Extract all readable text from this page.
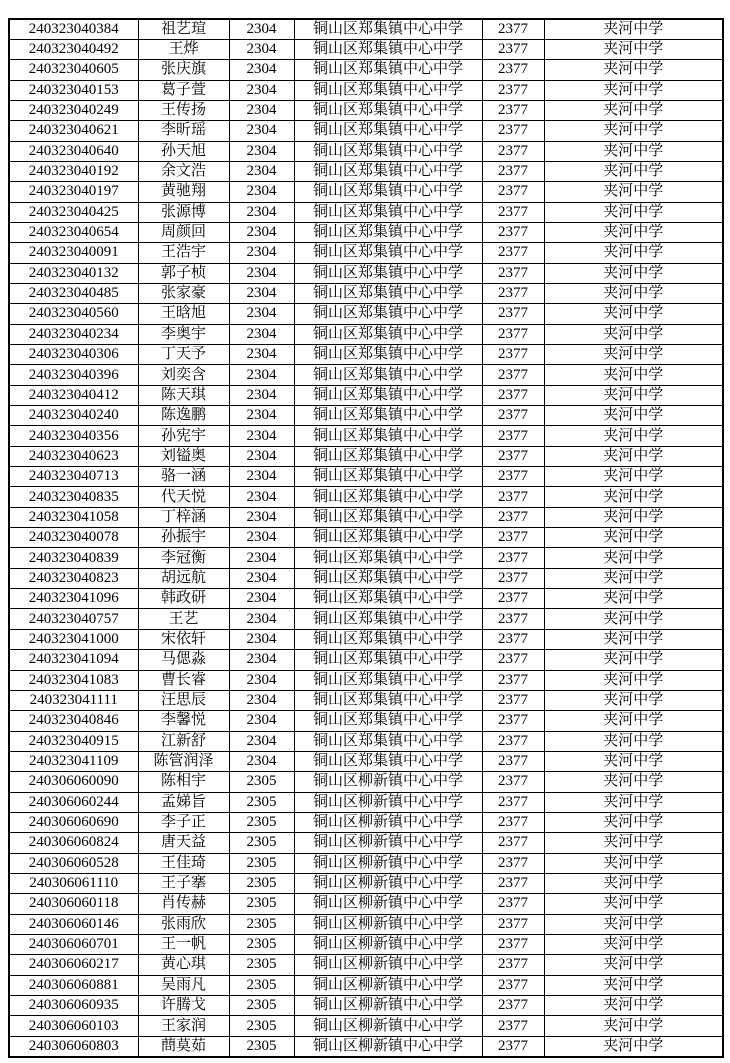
240323040384	祖艺瑄	2304	铜山区郑集镇中心中学	2377	夹河中学
240323040492	王烨	2304	铜山区郑集镇中心中学	2377	夹河中学
240323040605	张庆旗	2304	铜山区郑集镇中心中学	2377	夹河中学
240323040153	葛子萱	2304	铜山区郑集镇中心中学	2377	夹河中学
240323040249	王传扬	2304	铜山区郑集镇中心中学	2377	夹河中学
240323040621	李昕瑶	2304	铜山区郑集镇中心中学	2377	夹河中学
240323040640	孙天旭	2304	铜山区郑集镇中心中学	2377	夹河中学
240323040192	余文浩	2304	铜山区郑集镇中心中学	2377	夹河中学
240323040197	黄驰翔	2304	铜山区郑集镇中心中学	2377	夹河中学
240323040425	张源博	2304	铜山区郑集镇中心中学	2377	夹河中学
240323040654	周颜回	2304	铜山区郑集镇中心中学	2377	夹河中学
240323040091	王浩宇	2304	铜山区郑集镇中心中学	2377	夹河中学
240323040132	郭子桢	2304	铜山区郑集镇中心中学	2377	夹河中学
240323040485	张家豪	2304	铜山区郑集镇中心中学	2377	夹河中学
240323040560	王晗旭	2304	铜山区郑集镇中心中学	2377	夹河中学
240323040234	李奥宇	2304	铜山区郑集镇中心中学	2377	夹河中学
240323040306	丁天予	2304	铜山区郑集镇中心中学	2377	夹河中学
240323040396	刘奕含	2304	铜山区郑集镇中心中学	2377	夹河中学
240323040412	陈天琪	2304	铜山区郑集镇中心中学	2377	夹河中学
240323040240	陈逸鹏	2304	铜山区郑集镇中心中学	2377	夹河中学
240323040356	孙宪宇	2304	铜山区郑集镇中心中学	2377	夹河中学
240323040623	刘镒奥	2304	铜山区郑集镇中心中学	2377	夹河中学
240323040713	骆一涵	2304	铜山区郑集镇中心中学	2377	夹河中学
240323040835	代天悦	2304	铜山区郑集镇中心中学	2377	夹河中学
240323041058	丁梓涵	2304	铜山区郑集镇中心中学	2377	夹河中学
240323040078	孙振宇	2304	铜山区郑集镇中心中学	2377	夹河中学
240323040839	李冠衡	2304	铜山区郑集镇中心中学	2377	夹河中学
240323040823	胡远航	2304	铜山区郑集镇中心中学	2377	夹河中学
240323041096	韩政研	2304	铜山区郑集镇中心中学	2377	夹河中学
240323040757	王艺	2304	铜山区郑集镇中心中学	2377	夹河中学
240323041000	宋依轩	2304	铜山区郑集镇中心中学	2377	夹河中学
240323041094	马偲淼	2304	铜山区郑集镇中心中学	2377	夹河中学
240323041083	曹长睿	2304	铜山区郑集镇中心中学	2377	夹河中学
240323041111	汪思辰	2304	铜山区郑集镇中心中学	2377	夹河中学
240323040846	李馨悦	2304	铜山区郑集镇中心中学	2377	夹河中学
240323040915	江新舒	2304	铜山区郑集镇中心中学	2377	夹河中学
240323041109	陈管润泽	2304	铜山区郑集镇中心中学	2377	夹河中学
240306060090	陈相宇	2305	铜山区柳新镇中心中学	2377	夹河中学
240306060244	孟娣旨	2305	铜山区柳新镇中心中学	2377	夹河中学
240306060690	李子正	2305	铜山区柳新镇中心中学	2377	夹河中学
240306060824	唐天益	2305	铜山区柳新镇中心中学	2377	夹河中学
240306060528	王佳琦	2305	铜山区柳新镇中心中学	2377	夹河中学
240306061110	王子搴	2305	铜山区柳新镇中心中学	2377	夹河中学
240306060118	肖传赫	2305	铜山区柳新镇中心中学	2377	夹河中学
240306060146	张雨欣	2305	铜山区柳新镇中心中学	2377	夹河中学
240306060701	王一帆	2305	铜山区柳新镇中心中学	2377	夹河中学
240306060217	黄心琪	2305	铜山区柳新镇中心中学	2377	夹河中学
240306060881	吴雨凡	2305	铜山区柳新镇中心中学	2377	夹河中学
240306060935	许腾戈	2305	铜山区柳新镇中心中学	2377	夹河中学
240306060103	王家润	2305	铜山区柳新镇中心中学	2377	夹河中学
240306060803	蔄莫茹	2305	铜山区柳新镇中心中学	2377	夹河中学
